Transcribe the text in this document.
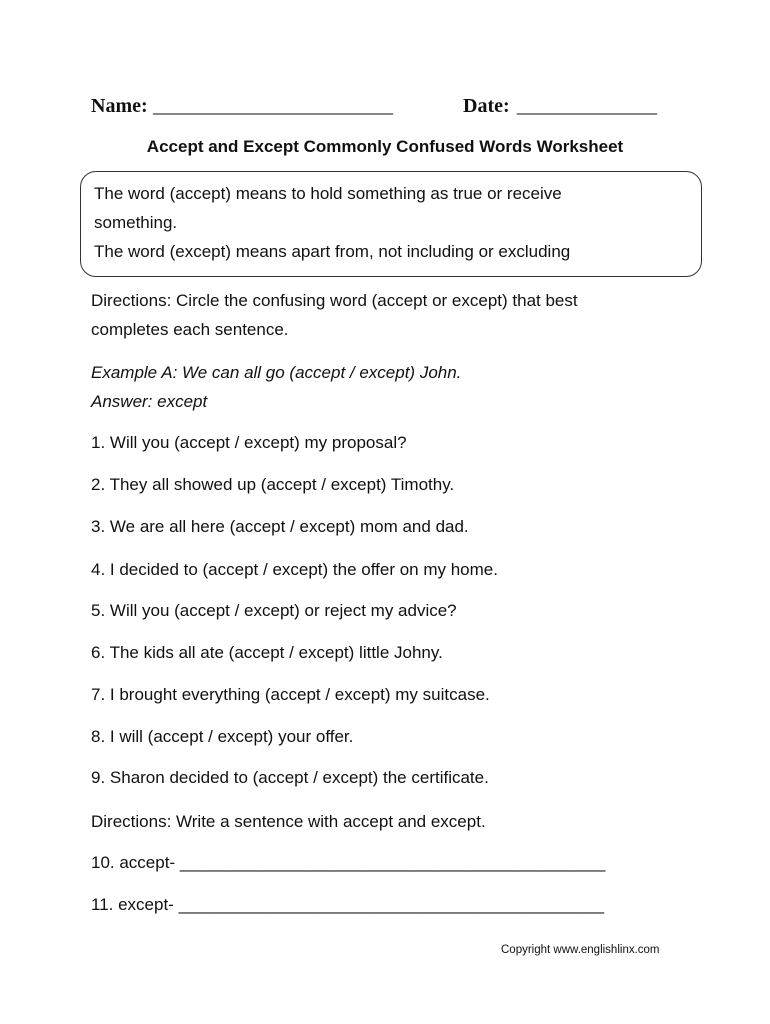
Name: ________________________	Date: ______________
Accept and Except Commonly Confused Words Worksheet
The word (accept) means to hold something as true or receive
something.
The word (except) means apart from, not including or excluding
Directions: Circle the confusing word (accept or except) that best
completes each sentence.
Example A: We can all go (accept / except) John.
Answer: except
1. Will you (accept / except) my proposal?
2. They all showed up (accept / except) Timothy.
3. We are all here (accept / except) mom and dad.
4. I decided to (accept / except) the offer on my home.
5. Will you (accept / except) or reject my advice?
6. The kids all ate (accept / except) little Johny.
7. I brought everything (accept / except) my suitcase.
8. I will (accept / except) your offer.
9. Sharon decided to (accept / except) the certificate.
Directions: Write a sentence with accept and except.
10. accept- _____________________________________________
11. except- _____________________________________________
Copyright www.englishlinx.com
